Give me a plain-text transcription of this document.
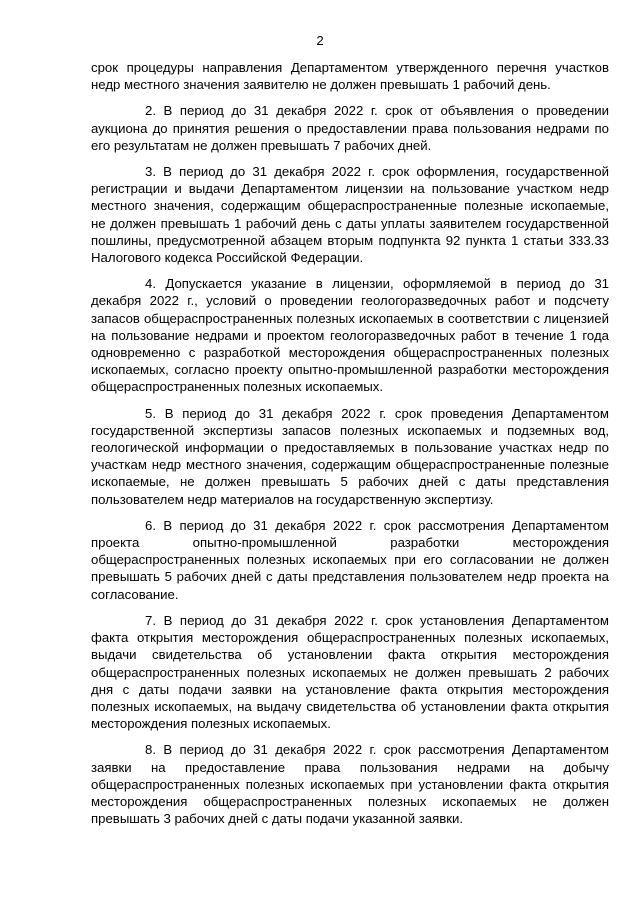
2

срок процедуры направления Департаментом утвержденного перечня участков недр местного значения заявителю не должен превышать 1 рабочий день.

2. В период до 31 декабря 2022 г. срок от объявления о проведении аукциона до принятия решения о предоставлении права пользования недрами по его результатам не должен превышать 7 рабочих дней.

3. В период до 31 декабря 2022 г. срок оформления, государственной регистрации и выдачи Департаментом лицензии на пользование участком недр местного значения, содержащим общераспространенные полезные ископаемые, не должен превышать 1 рабочий день с даты уплаты заявителем государственной пошлины, предусмотренной абзацем вторым подпункта 92 пункта 1 статьи 333.33 Налогового кодекса Российской Федерации.

4. Допускается указание в лицензии, оформляемой в период до 31 декабря 2022 г., условий о проведении геологоразведочных работ и подсчету запасов общераспространенных полезных ископаемых в соответствии с лицензией на пользование недрами и проектом геологоразведочных работ в течение 1 года одновременно с разработкой месторождения общераспространенных полезных ископаемых, согласно проекту опытно-промышленной разработки месторождения общераспространенных полезных ископаемых.

5. В период до 31 декабря 2022 г. срок проведения Департаментом государственной экспертизы запасов полезных ископаемых и подземных вод, геологической информации о предоставляемых в пользование участках недр по участкам недр местного значения, содержащим общераспространенные полезные ископаемые, не должен превышать 5 рабочих дней с даты представления пользователем недр материалов на государственную экспертизу.

6. В период до 31 декабря 2022 г. срок рассмотрения Департаментом проекта опытно-промышленной разработки месторождения общераспространенных полезных ископаемых при его согласовании не должен превышать 5 рабочих дней с даты представления пользователем недр проекта на согласование.

7. В период до 31 декабря 2022 г. срок установления Департаментом факта открытия месторождения общераспространенных полезных ископаемых, выдачи свидетельства об установлении факта открытия месторождения общераспространенных полезных ископаемых не должен превышать 2 рабочих дня с даты подачи заявки на установление факта открытия месторождения полезных ископаемых, на выдачу свидетельства об установлении факта открытия месторождения полезных ископаемых.

8. В период до 31 декабря 2022 г. срок рассмотрения Департаментом заявки на предоставление права пользования недрами на добычу общераспространенных полезных ископаемых при установлении факта открытия месторождения общераспространенных полезных ископаемых не должен превышать 3 рабочих дней с даты подачи указанной заявки.
